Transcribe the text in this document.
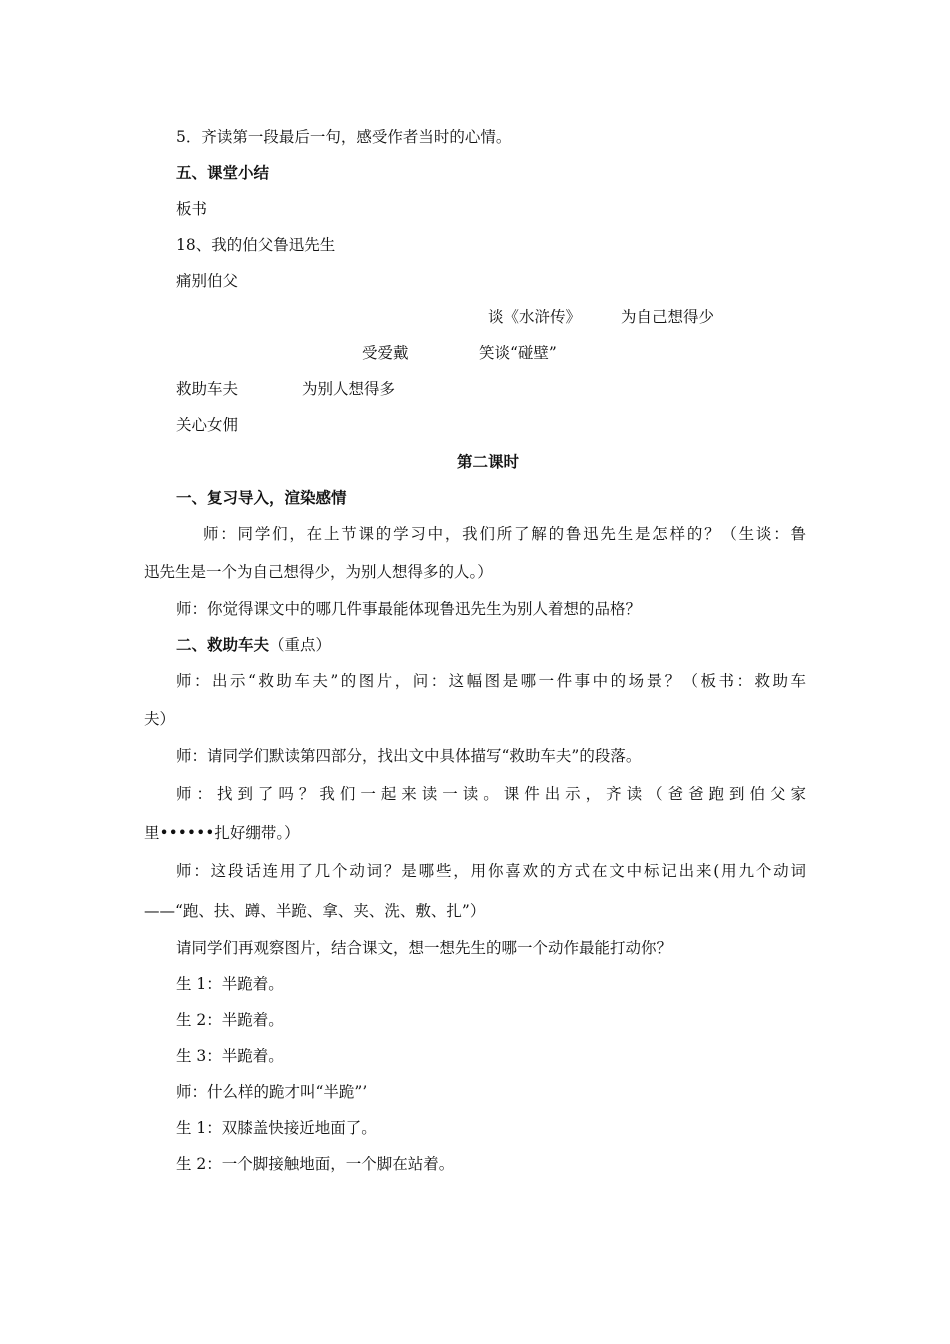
5．齐读第一段最后一句，感受作者当时的心情。
五、课堂小结
板书
18、我的伯父鲁迅先生
痛别伯父
谈《水浒传》	为自己想得少
受爱戴	笑谈“碰壁”
救助车夫	为别人想得多
关心女佣
第二课时
一、复习导入，渲染感情
师：同学们，在上节课的学习中，我们所了解的鲁迅先生是怎样的？（生谈：鲁
迅先生是一个为自己想得少，为别人想得多的人。）
师：你觉得课文中的哪几件事最能体现鲁迅先生为别人着想的品格？
二、救助车夫（重点）
师：出示“救助车夫”的图片，问：这幅图是哪一件事中的场景？（板书：救助车
夫）
师：请同学们默读第四部分，找出文中具体描写“救助车夫”的段落。
师：找到了吗？我们一起来读一读。课件出示，齐读（爸爸跑到伯父家
里••••••扎好绷带。）
师：这段话连用了几个动词？是哪些，用你喜欢的方式在文中标记出来(用九个动词
——“跑、扶、蹲、半跪、拿、夹、洗、敷、扎”）
请同学们再观察图片，结合课文，想一想先生的哪一个动作最能打动你？
生 1：半跪着。
生 2：半跪着。
生 3：半跪着。
师：什么样的跪才叫“半跪”’
生 1：双膝盖快接近地面了。
生 2：一个脚接触地面，一个脚在站着。
